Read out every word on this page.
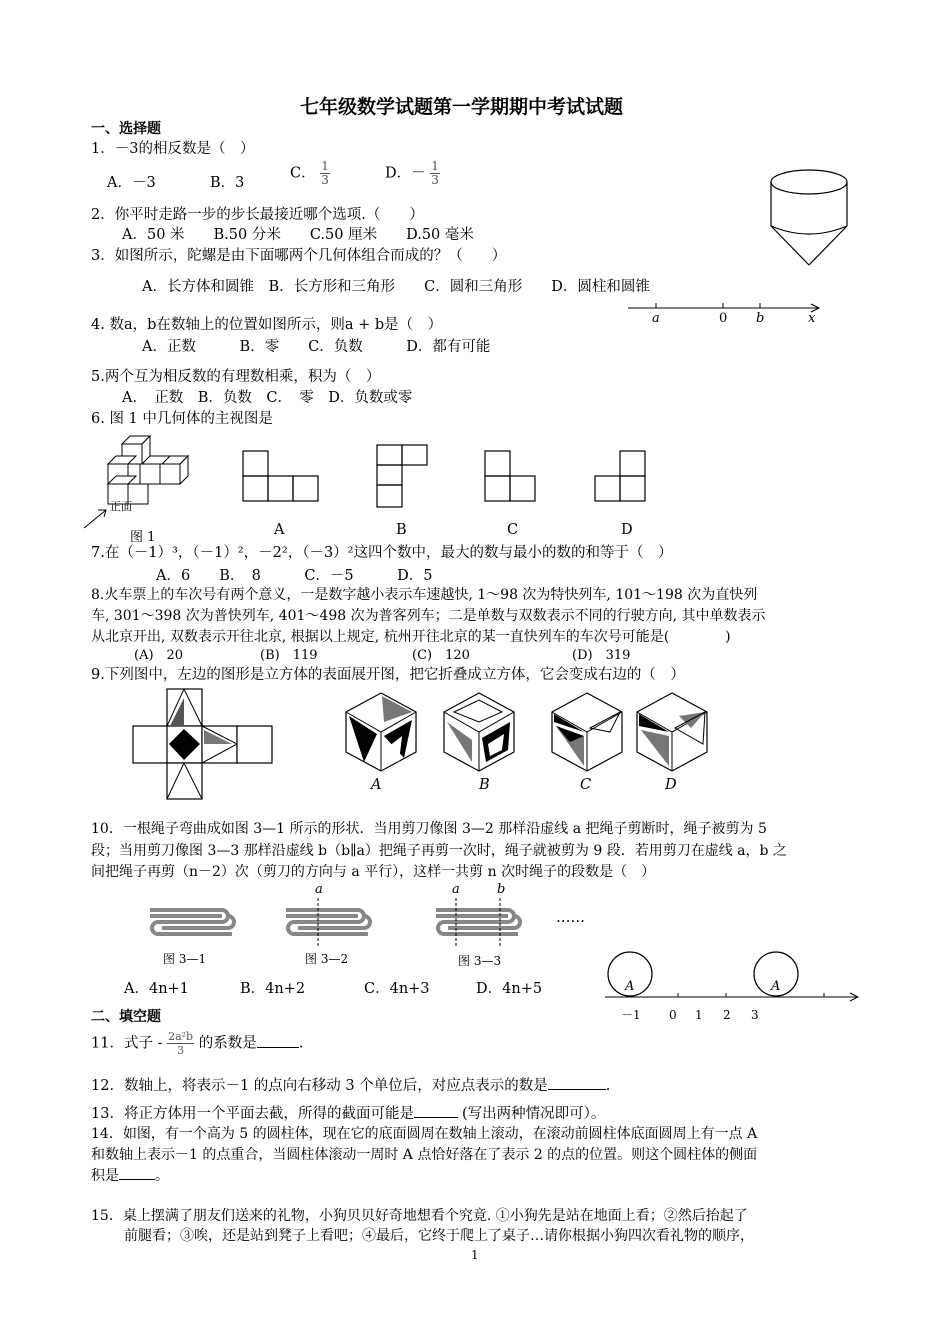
七年级数学试题第一学期期中考试试题
一、选择题
1．－3的相反数是（　）
A．－3	B．3
C． $\frac{1}{3}$	D．－ $\frac{1}{3}$
2．你平时走路一步的步长最接近哪个选项.（　　）
A．50 米　　B.50 分米　　C.50 厘米　　D.50 毫米
3．如图所示，陀螺是由下面哪两个几何体组合而成的？（　　）
A．长方体和圆锥　B．长方形和三角形　　C．圆和三角形　　D．圆柱和圆锥
4. 数a，b在数轴上的位置如图所示，则a + b是（　）
A．正数　　　B．零　　C．负数　　　D．都有可能
a	0 b	x
5.两个互为相反数的有理数相乘，积为（　）
A．　正数　B．负数　C．　零　D．负数或零
6. 图 1 中几何体的主视图是
正面
图 1	A	B	C	D
7.在（－1）³，（－1）²，－2²，（－3）²这四个数中，最大的数与最小的数的和等于（　）
A．6　　B．　8　　　C．－5　　　D．5
8.火车票上的车次号有两个意义，一是数字越小表示车速越快, 1～98 次为特快列车, 101～198 次为直快列
车, 301～398 次为普快列车, 401～498 次为普客列车；二是单数与双数表示不同的行驶方向, 其中单数表示
从北京开出, 双数表示开往北京, 根据以上规定, 杭州开往北京的某一直快列车的车次号可能是(　　　　)
(A)　20	(B)　119	(C)　120	(D)　319
9.下列图中，左边的图形是立方体的表面展开图，把它折叠成立方体，它会变成右边的（　）
A	B	C	D
10．一根绳子弯曲成如图 3—1 所示的形状．当用剪刀像图 3—2 那样沿虚线 a 把绳子剪断时，绳子被剪为 5
段；当用剪刀像图 3—3 那样沿虚线 b（b∥a）把绳子再剪一次时，绳子就被剪为 9 段．若用剪刀在虚线 a，b 之
间把绳子再剪（n－2）次（剪刀的方向与 a 平行），这样一共剪 n 次时绳子的段数是（　）
a	a	b
……
图 3—1	图 3—2	图 3—3
A．4n+1	B．4n+2	C．4n+3	D．4n+5	A	A
－1 0 1 2 3
二、填空题
11．式子 - $\frac{\text{2a²b}}{3}$ 的系数是	.
12．数轴上，将表示－1 的点向右移动 3 个单位后，对应点表示的数是	.
13．将正方体用一个平面去截，所得的截面可能是	(写出两种情况即可）。
14．如图，有一个高为 5 的圆柱体，现在它的底面圆周在数轴上滚动，在滚动前圆柱体底面圆周上有一点 A
和数轴上表示－1 的点重合，当圆柱体滚动一周时 A 点恰好落在了表示 2 的点的位置。则这个圆柱体的侧面
积是	。
15．桌上摆满了朋友们送来的礼物，小狗贝贝好奇地想看个究竟. ①小狗先是站在地面上看；②然后抬起了
前腿看；③唉，还是站到凳子上看吧；④最后，它终于爬上了桌子…请你根据小狗四次看礼物的顺序，
1
